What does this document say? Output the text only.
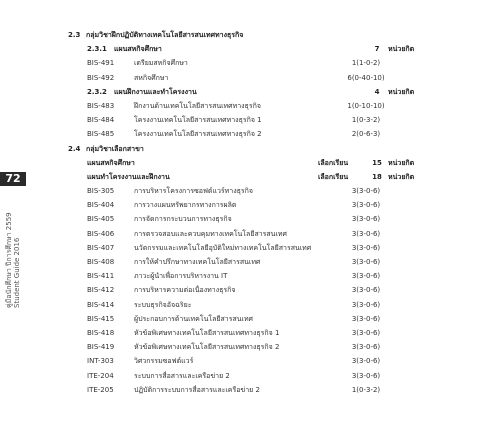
72
คู่มือนักศึกษา ปีการศึกษา 2559 Student Guide 2016
2.3 กลุ่มวิชาฝึกปฏิบัติทางเทคโนโลยีสารสนเทศทางธุรกิจ
2.3.1 แผนสหกิจศึกษา	7	หน่วยกิต
BIS-491	เตรียมสหกิจศึกษา	1(1-0-2)
BIS-492	สหกิจศึกษา	6(0-40-10)
2.3.2 แผนฝึกงานและทำโครงงาน	4	หน่วยกิต
BIS-483	ฝึกงานด้านเทคโนโลยีสารสนเทศทางธุรกิจ	1(0-10-10)
BIS-484	โครงงานเทคโนโลยีสารสนเทศทางธุรกิจ 1	1(0-3-2)
BIS-485	โครงงานเทคโนโลยีสารสนเทศทางธุรกิจ 2	2(0-6-3)
2.4 กลุ่มวิชาเลือกสาขา
แผนสหกิจศึกษา	เลือกเรียน	15 หน่วยกิต
แผนทำโครงงานและฝึกงาน	เลือกเรียน	18 หน่วยกิต
BIS-305	การบริหารโครงการซอฟต์แวร์ทางธุรกิจ	3(3-0-6)
BIS-404	การวางแผนทรัพยากรทางการผลิต	3(3-0-6)
BIS-405	การจัดการกระบวนการทางธุรกิจ	3(3-0-6)
BIS-406	การตรวจสอบและควบคุมทางเทคโนโลยีสารสนเทศ	3(3-0-6)
BIS-407	นวัตกรรมและเทคโนโลยีอุบัติใหม่ทางเทคโนโลยีสารสนเทศ	3(3-0-6)
BIS-408	การให้คำปรึกษาทางเทคโนโลยีสารสนเทศ	3(3-0-6)
BIS-411	ภาวะผู้นำเพื่อการบริหารงาน IT	3(3-0-6)
BIS-412	การบริหารความต่อเนื่องทางธุรกิจ	3(3-0-6)
BIS-414	ระบบธุรกิจอัจฉริยะ	3(3-0-6)
BIS-415	ผู้ประกอบการด้านเทคโนโลยีสารสนเทศ	3(3-0-6)
BIS-418	หัวข้อพิเศษทางเทคโนโลยีสารสนเทศทางธุรกิจ 1	3(3-0-6)
BIS-419	หัวข้อพิเศษทางเทคโนโลยีสารสนเทศทางธุรกิจ 2	3(3-0-6)
INT-303	วิศวกรรมซอฟต์แวร์	3(3-0-6)
ITE-204	ระบบการสื่อสารและเครือข่าย 2	3(3-0-6)
ITE-205	ปฏิบัติการระบบการสื่อสารและเครือข่าย 2	1(0-3-2)
